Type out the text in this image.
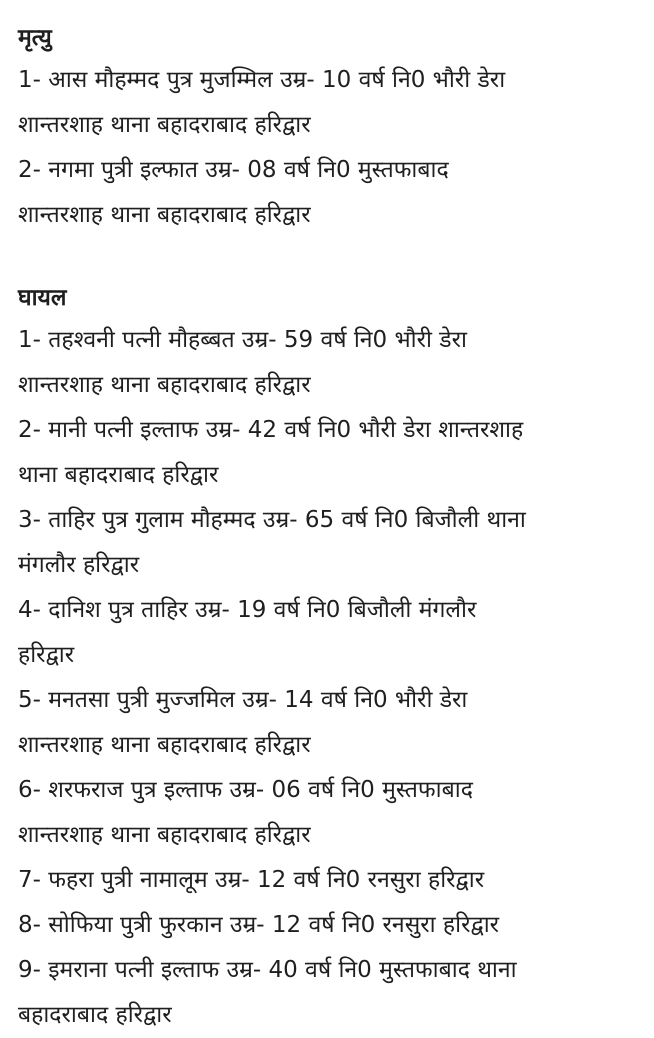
मृत्यु
1- आस मौहम्मद पुत्र मुजम्मिल उम्र- 10 वर्ष नि0 भौरी डेरा
शान्तरशाह थाना बहादराबाद हरिद्वार
2- नगमा पुत्री इल्फात उम्र- 08 वर्ष नि0 मुस्तफाबाद
शान्तरशाह थाना बहादराबाद हरिद्वार
घायल
1- तहश्वनी पत्नी मौहब्बत उम्र- 59 वर्ष नि0 भौरी डेरा
शान्तरशाह थाना बहादराबाद हरिद्वार
2- मानी पत्नी इल्ताफ उम्र- 42 वर्ष नि0 भौरी डेरा शान्तरशाह
थाना बहादराबाद हरिद्वार
3- ताहिर पुत्र गुलाम मौहम्मद उम्र- 65 वर्ष नि0 बिजौली थाना
मंगलौर हरिद्वार
4- दानिश पुत्र ताहिर उम्र- 19 वर्ष नि0 बिजौली मंगलौर
हरिद्वार
5- मनतसा पुत्री मुज्जमिल उम्र- 14 वर्ष नि0 भौरी डेरा
शान्तरशाह थाना बहादराबाद हरिद्वार
6- शरफराज पुत्र इल्ताफ उम्र- 06 वर्ष नि0 मुस्तफाबाद
शान्तरशाह थाना बहादराबाद हरिद्वार
7- फहरा पुत्री नामालूम उम्र- 12 वर्ष नि0 रनसुरा हरिद्वार
8- सोफिया पुत्री फुरकान उम्र- 12 वर्ष नि0 रनसुरा हरिद्वार
9- इमराना पत्नी इल्ताफ उम्र- 40 वर्ष नि0 मुस्तफाबाद थाना
बहादराबाद हरिद्वार
